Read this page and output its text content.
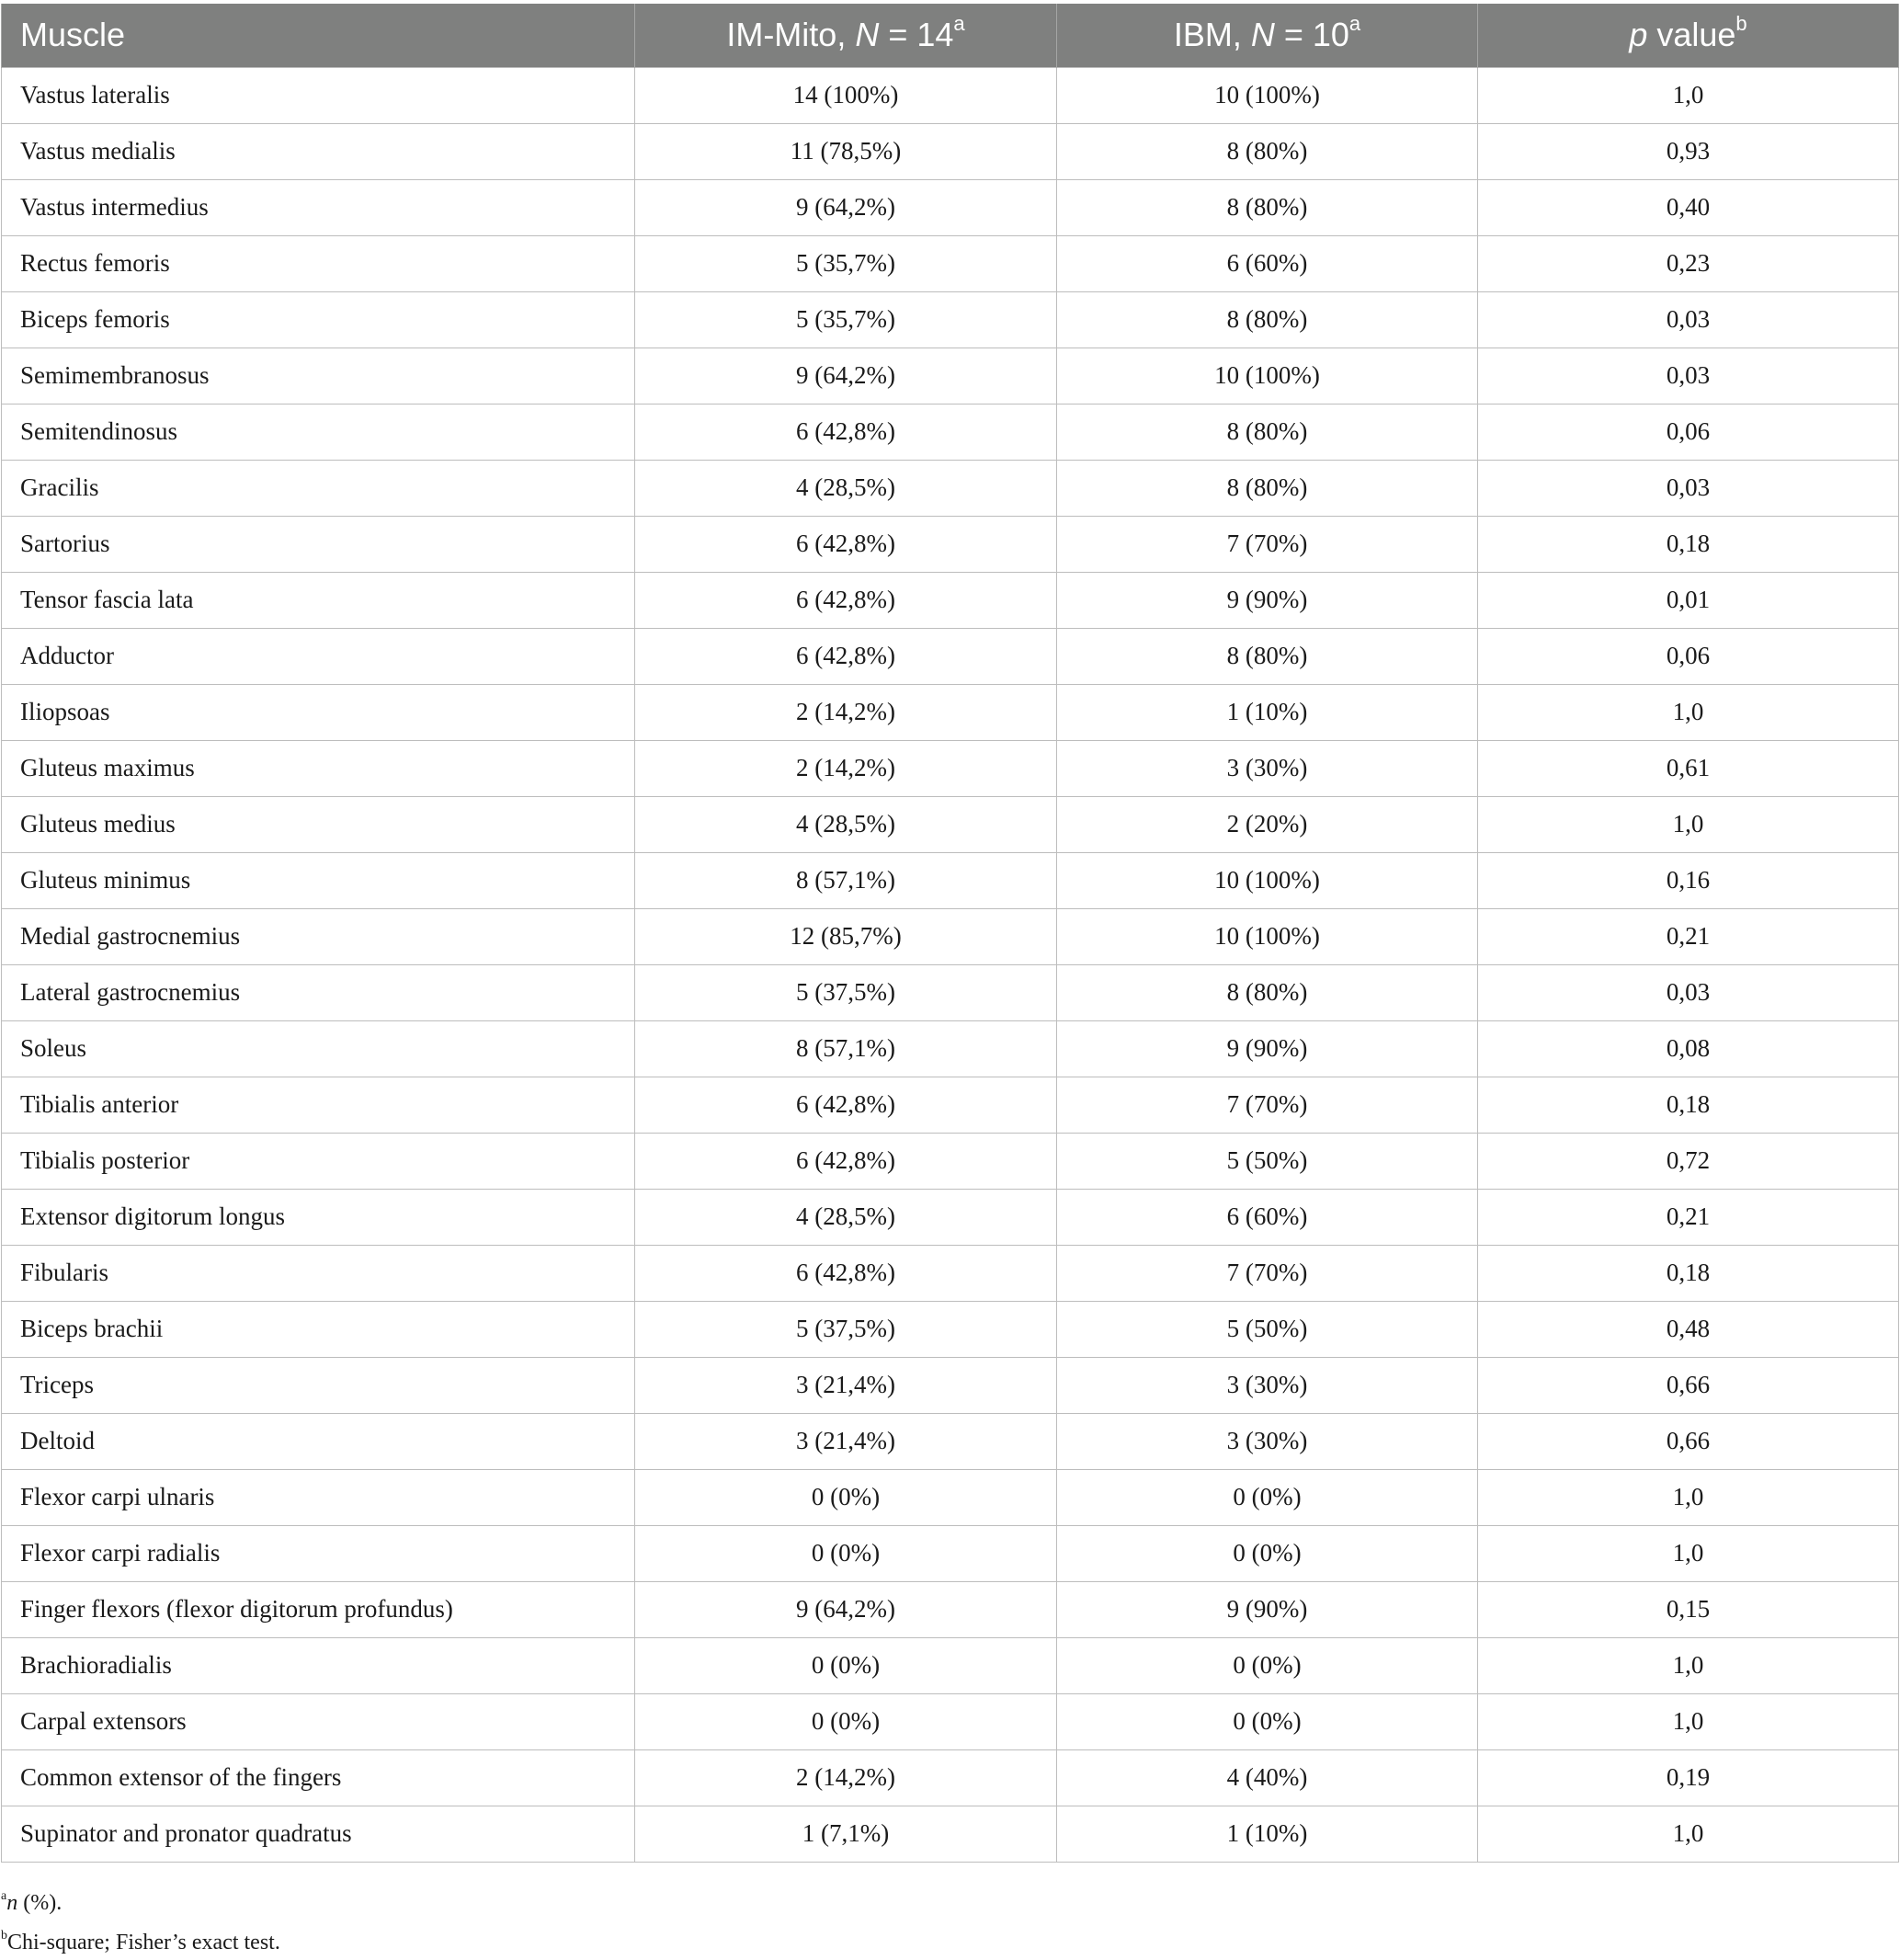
Muscle	IM-Mito, $N = 14^a$	IBM, $N = 10^a$	p value$^b$
Vastus lateralis	14 (100%)	10 (100%)	1,0
Vastus medialis	11 (78,5%)	8 (80%)	0,93
Vastus intermedius	9 (64,2%)	8 (80%)	0,40
Rectus femoris	5 (35,7%)	6 (60%)	0,23
Biceps femoris	5 (35,7%)	8 (80%)	0,03
Semimembranosus	9 (64,2%)	10 (100%)	0,03
Semitendinosus	6 (42,8%)	8 (80%)	0,06
Gracilis	4 (28,5%)	8 (80%)	0,03
Sartorius	6 (42,8%)	7 (70%)	0,18
Tensor fascia lata	6 (42,8%)	9 (90%)	0,01
Adductor	6 (42,8%)	8 (80%)	0,06
Iliopsoas	2 (14,2%)	1 (10%)	1,0
Gluteus maximus	2 (14,2%)	3 (30%)	0,61
Gluteus medius	4 (28,5%)	2 (20%)	1,0
Gluteus minimus	8 (57,1%)	10 (100%)	0,16
Medial gastrocnemius	12 (85,7%)	10 (100%)	0,21
Lateral gastrocnemius	5 (37,5%)	8 (80%)	0,03
Soleus	8 (57,1%)	9 (90%)	0,08
Tibialis anterior	6 (42,8%)	7 (70%)	0,18
Tibialis posterior	6 (42,8%)	5 (50%)	0,72
Extensor digitorum longus	4 (28,5%)	6 (60%)	0,21
Fibularis	6 (42,8%)	7 (70%)	0,18
Biceps brachii	5 (37,5%)	5 (50%)	0,48
Triceps	3 (21,4%)	3 (30%)	0,66
Deltoid	3 (21,4%)	3 (30%)	0,66
Flexor carpi ulnaris	0 (0%)	0 (0%)	1,0
Flexor carpi radialis	0 (0%)	0 (0%)	1,0
Finger flexors (flexor digitorum profundus)	9 (64,2%)	9 (90%)	0,15
Brachioradialis	0 (0%)	0 (0%)	1,0
Carpal extensors	0 (0%)	0 (0%)	1,0
Common extensor of the fingers	2 (14,2%)	4 (40%)	0,19
Supinator and pronator quadratus	1 (7,1%)	1 (10%)	1,0
$^a$n (%).
$^b$Chi-square; Fisher’s exact test.
